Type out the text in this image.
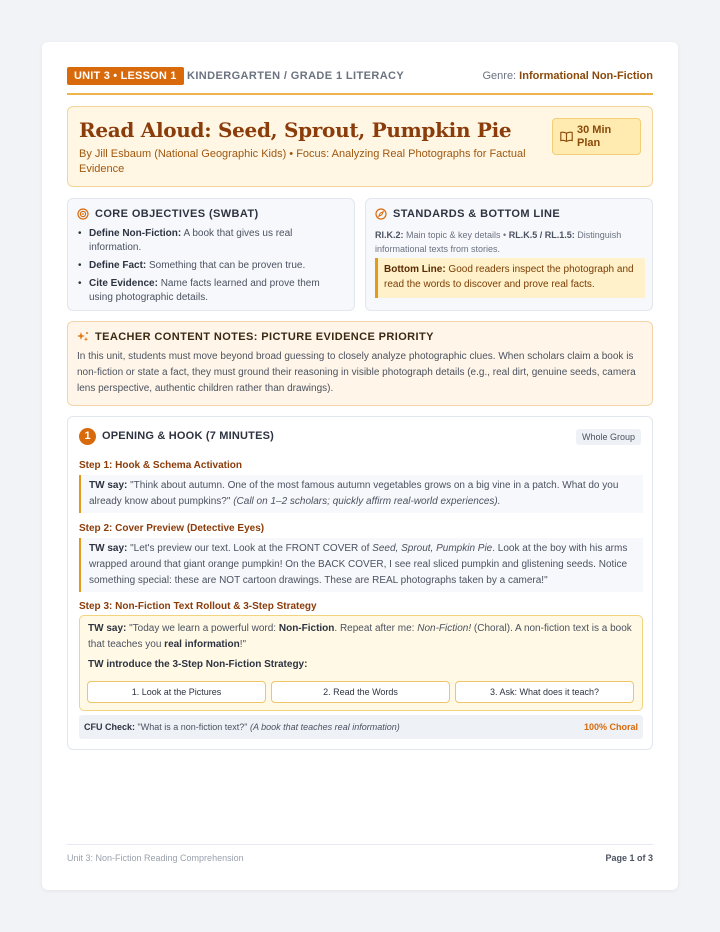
UNIT 3 • LESSON 1 KINDERGARTEN / GRADE 1 LITERACY	Genre: Informational Non-Fiction
Read Aloud: Seed, Sprout, Pumpkin Pie
By Jill Esbaum (National Geographic Kids) • Focus: Analyzing Real Photographs for Factual Evidence
30 Min Plan
CORE OBJECTIVES (SWBAT)
• Define Non-Fiction: A book that gives us real information.
• Define Fact: Something that can be proven true.
• Cite Evidence: Name facts learned and prove them using photographic details.
STANDARDS & BOTTOM LINE
RI.K.2: Main topic & key details • RL.K.5 / RL.1.5: Distinguish informational texts from stories.
Bottom Line: Good readers inspect the photograph and read the words to discover and prove real facts.
TEACHER CONTENT NOTES: PICTURE EVIDENCE PRIORITY

In this unit, students must move beyond broad guessing to closely analyze photographic clues. When scholars claim a book is non-fiction or state a fact, they must ground their reasoning in visible photograph details (e.g., real dirt, genuine seeds, camera lens perspective, authentic children rather than drawings).

1	OPENING & HOOK (7 MINUTES)	Whole Group
Step 1: Hook & Schema Activation
TW say: "Think about autumn. One of the most famous autumn vegetables grows on a big vine in a patch. What do you already know about pumpkins?" (Call on 1–2 scholars; quickly affirm real-world experiences).
Step 2: Cover Preview (Detective Eyes)
TW say: "Let's preview our text. Look at the FRONT COVER of Seed, Sprout, Pumpkin Pie. Look at the boy with his arms wrapped around that giant orange pumpkin! On the BACK COVER, I see real sliced pumpkin and glistening seeds. Notice something special: these are NOT cartoon drawings. These are REAL photographs taken by a camera!"
Step 3: Non-Fiction Text Rollout & 3-Step Strategy

TW say: "Today we learn a powerful word: Non-Fiction. Repeat after me: Non-Fiction! (Choral). A non-fiction text is a book that teaches you real information!"

TW introduce the 3-Step Non-Fiction Strategy:
1. Look at the Pictures	2. Read the Words	3. Ask: What does it teach?
CFU Check: "What is a non-fiction text?" (A book that teaches real information)	100% Choral
Unit 3: Non-Fiction Reading Comprehension	Page 1 of 3
